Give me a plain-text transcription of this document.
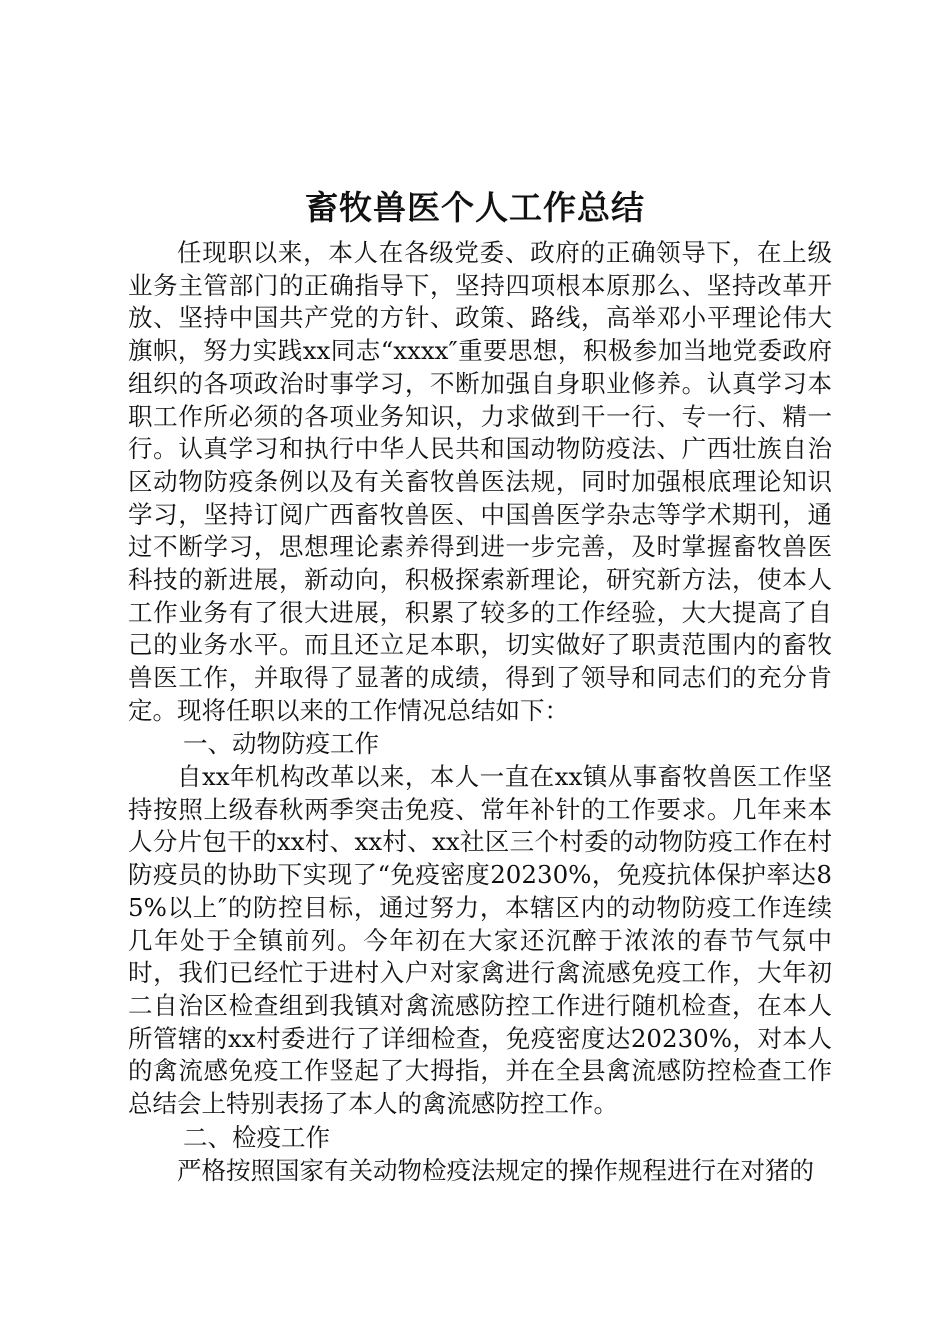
畜牧兽医个人工作总结

任现职以来，本人在各级党委、政府的正确领导下，在上级业务主管部门的正确指导下，坚持四项根本原那么、坚持改革开放、坚持中国共产党的方针、政策、路线，高举邓小平理论伟大旗帜，努力实践xx同志“xxxx″重要思想，积极参加当地党委政府组织的各项政治时事学习，不断加强自身职业修养。认真学习本职工作所必须的各项业务知识，力求做到干一行、专一行、精一行。认真学习和执行中华人民共和国动物防疫法、广西壮族自治区动物防疫条例以及有关畜牧兽医法规，同时加强根底理论知识学习，坚持订阅广西畜牧兽医、中国兽医学杂志等学术期刊，通过不断学习，思想理论素养得到进一步完善，及时掌握畜牧兽医科技的新进展，新动向，积极探索新理论，研究新方法，使本人工作业务有了很大进展，积累了较多的工作经验，大大提高了自己的业务水平。而且还立足本职，切实做好了职责范围内的畜牧兽医工作，并取得了显著的成绩，得到了领导和同志们的充分肯定。现将任职以来的工作情况总结如下：

一、动物防疫工作

自xx年机构改革以来，本人一直在xx镇从事畜牧兽医工作坚持按照上级春秋两季突击免疫、常年补针的工作要求。几年来本人分片包干的xx村、xx村、xx社区三个村委的动物防疫工作在村防疫员的协助下实现了“免疫密度20230%，免疫抗体保护率达85%以上″的防控目标，通过努力，本辖区内的动物防疫工作连续几年处于全镇前列。今年初在大家还沉醉于浓浓的春节气氛中时，我们已经忙于进村入户对家禽进行禽流感免疫工作，大年初二自治区检查组到我镇对禽流感防控工作进行随机检查，在本人所管辖的xx村委进行了详细检查，免疫密度达20230%，对本人的禽流感免疫工作竖起了大拇指，并在全县禽流感防控检查工作总结会上特别表扬了本人的禽流感防控工作。

二、检疫工作

严格按照国家有关动物检疫法规定的操作规程进行在对猪的
